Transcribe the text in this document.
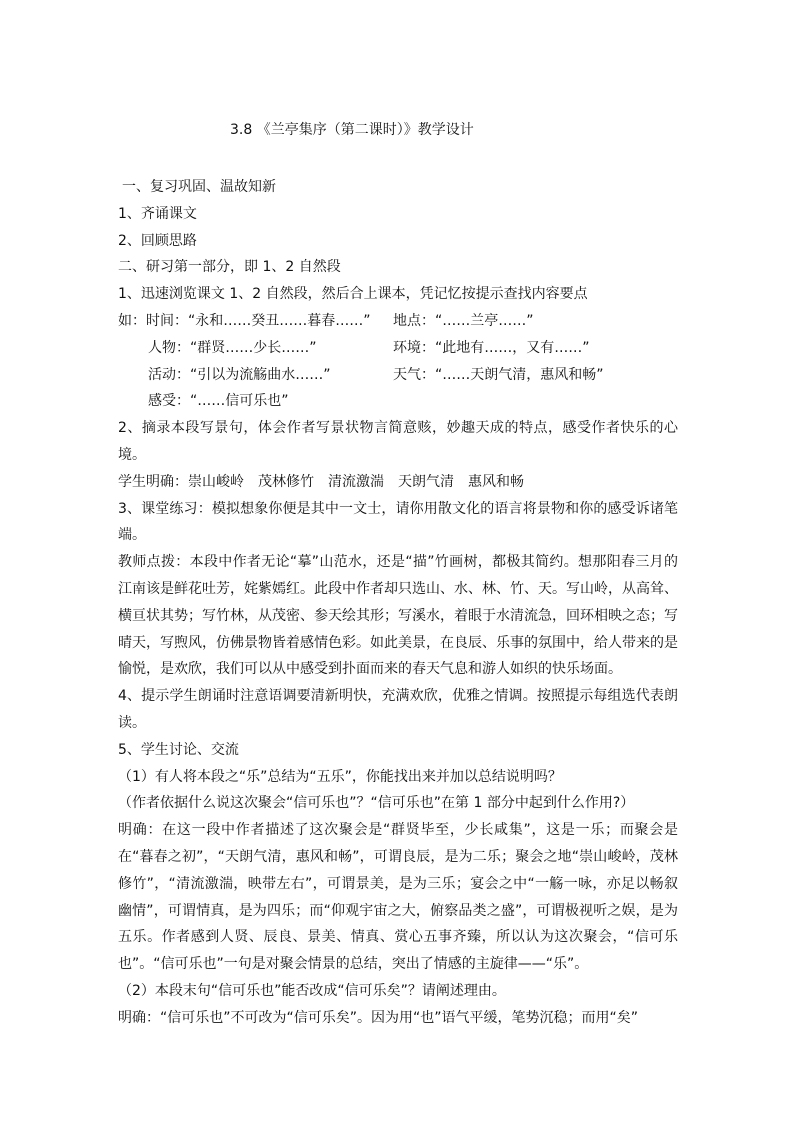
3.8 《兰亭集序（第二课时）》教学设计
一、复习巩固、温故知新
1、齐诵课文
2、回顾思路
二、研习第一部分，即 1、2 自然段
1、迅速浏览课文 1、2 自然段，然后合上课本，凭记忆按提示查找内容要点
如：时间：“永和……癸丑……暮春……” 地点：“……兰亭……”
人物：“群贤……少长……”	环境：“此地有……，又有……”
活动：“引以为流觞曲水……”	天气：“……天朗气清，惠风和畅”
感受：“……信可乐也”

2、摘录本段写景句，体会作者写景状物言简意赅，妙趣天成的特点，感受作者快乐的心境。

学生明确：崇山峻岭　茂林修竹　清流激湍　天朗气清　惠风和畅

3、课堂练习：模拟想象你便是其中一文士，请你用散文化的语言将景物和你的感受诉诸笔端。

教师点拨：本段中作者无论“摹”山范水，还是“描”竹画树，都极其简约。想那阳春三月的江南该是鲜花吐芳，姹紫嫣红。此段中作者却只选山、水、林、竹、天。写山岭，从高耸、横亘状其势；写竹林，从茂密、参天绘其形；写溪水，着眼于水清流急，回环相映之态；写晴天，写煦风，仿佛景物皆着感情色彩。如此美景，在良辰、乐事的氛围中，给人带来的是愉悦，是欢欣，我们可以从中感受到扑面而来的春天气息和游人如织的快乐场面。

4、提示学生朗诵时注意语调要清新明快，充满欢欣，优雅之情调。按照提示每组选代表朗读。

5、学生讨论、交流
（1）有人将本段之“乐”总结为“五乐”，你能找出来并加以总结说明吗？
（作者依据什么说这次聚会“信可乐也”？“信可乐也”在第 1 部分中起到什么作用?）

明确：在这一段中作者描述了这次聚会是“群贤毕至，少长咸集”，这是一乐；而聚会是在“暮春之初”，“天朗气清，惠风和畅”，可谓良辰，是为二乐；聚会之地“崇山峻岭，茂林修竹”，“清流激湍，映带左右”，可谓景美，是为三乐；宴会之中“一觞一咏，亦足以畅叙幽情”，可谓情真，是为四乐；而“仰观宇宙之大，俯察品类之盛”，可谓极视听之娱，是为五乐。作者感到人贤、辰良、景美、情真、赏心五事齐臻，所以认为这次聚会，“信可乐也”。“信可乐也”一句是对聚会情景的总结，突出了情感的主旋律——“乐”。

（2）本段末句“信可乐也”能否改成“信可乐矣”？请阐述理由。
明确：“信可乐也”不可改为“信可乐矣”。因为用“也”语气平缓，笔势沉稳；而用“矣”
